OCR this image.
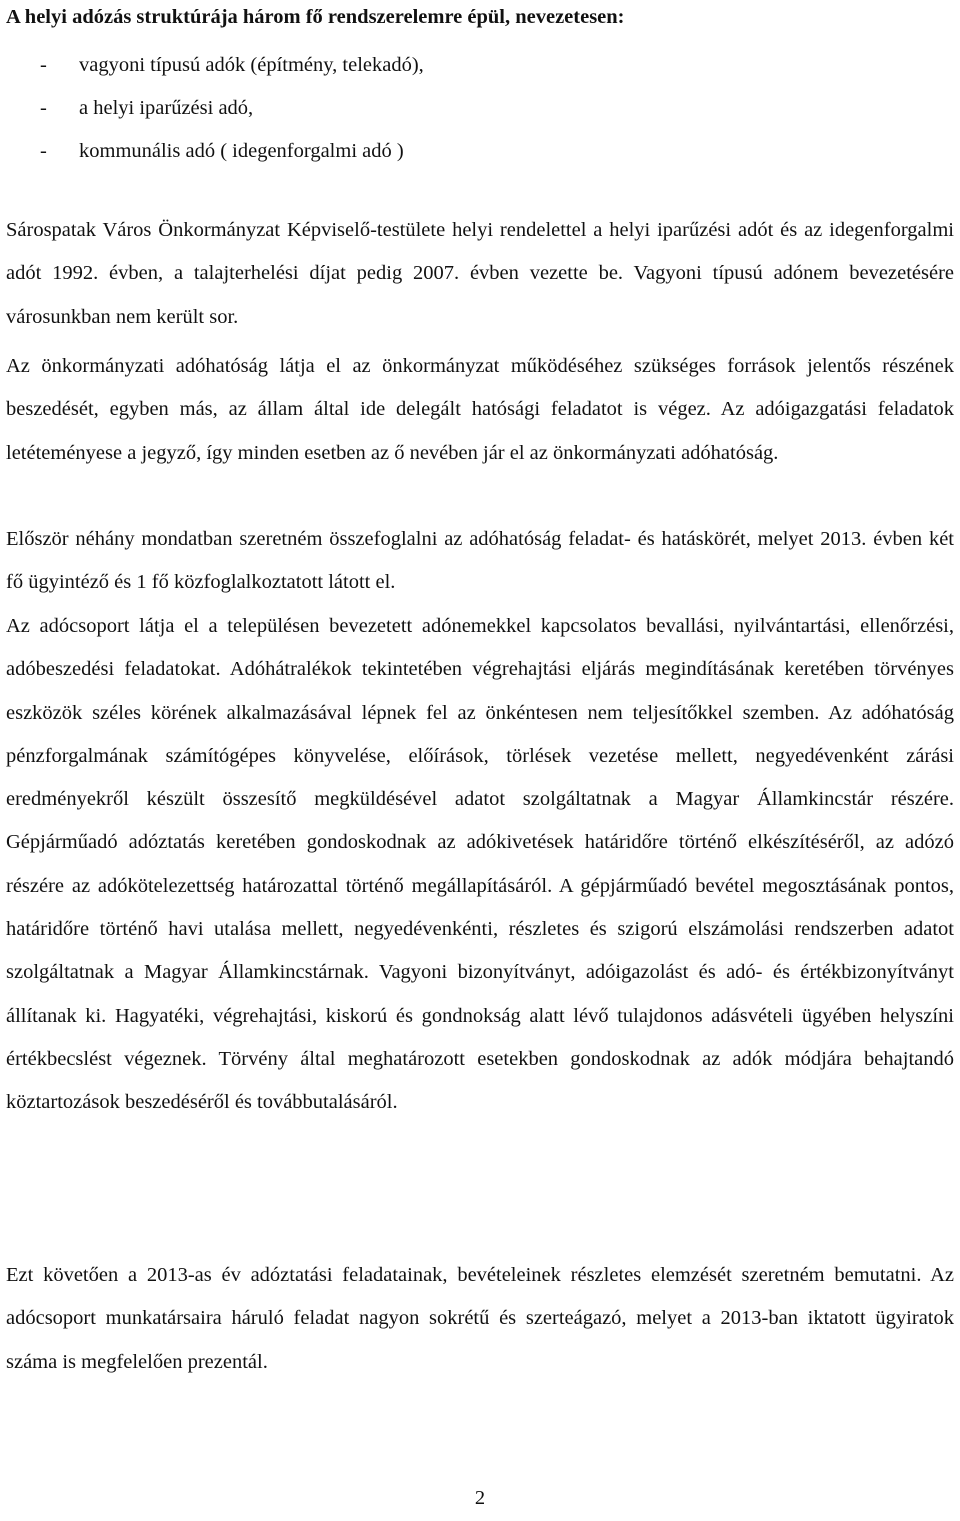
A helyi adózás struktúrája három fő rendszerelemre épül, nevezetesen:
- vagyoni típusú adók (építmény, telekadó),
- a helyi iparűzési adó,
- kommunális adó ( idegenforgalmi adó )

Sárospatak Város Önkormányzat Képviselő-testülete helyi rendelettel a helyi iparűzési adót és az idegenforgalmi adót 1992. évben, a talajterhelési díjat pedig 2007. évben vezette be. Vagyoni típusú adónem bevezetésére városunkban nem került sor.

Az önkormányzati adóhatóság látja el az önkormányzat működéséhez szükséges források jelentős részének beszedését, egyben más, az állam által ide delegált hatósági feladatot is végez. Az adóigazgatási feladatok letéteményese a jegyző, így minden esetben az ő nevében jár el az önkormányzati adóhatóság.

Először néhány mondatban szeretném összefoglalni az adóhatóság feladat- és hatáskörét, melyet 2013. évben két fő ügyintéző és 1 fő közfoglalkoztatott látott el.

Az adócsoport látja el a településen bevezetett adónemekkel kapcsolatos bevallási, nyilvántartási, ellenőrzési, adóbeszedési feladatokat. Adóhátralékok tekintetében végrehajtási eljárás megindításának keretében törvényes eszközök széles körének alkalmazásával lépnek fel az önkéntesen nem teljesítőkkel szemben. Az adóhatóság pénzforgalmának számítógépes könyvelése, előírások, törlések vezetése mellett, negyedévenként zárási eredményekről készült összesítő megküldésével adatot szolgáltatnak a Magyar Államkincstár részére. Gépjárműadó adóztatás keretében gondoskodnak az adókivetések határidőre történő elkészítéséről, az adózó részére az adókötelezettség határozattal történő megállapításáról. A gépjárműadó bevétel megosztásának pontos, határidőre történő havi utalása mellett, negyedévenkénti, részletes és szigorú elszámolási rendszerben adatot szolgáltatnak a Magyar Államkincstárnak. Vagyoni bizonyítványt, adóigazolást és adó- és értékbizonyítványt állítanak ki. Hagyatéki, végrehajtási, kiskorú és gondnokság alatt lévő tulajdonos adásvételi ügyében helyszíni értékbecslést végeznek. Törvény által meghatározott esetekben gondoskodnak az adók módjára behajtandó köztartozások beszedéséről és továbbutalásáról.

Ezt követően a 2013-as év adóztatási feladatainak, bevételeinek részletes elemzését szeretném bemutatni. Az adócsoport munkatársaira háruló feladat nagyon sokrétű és szerteágazó, melyet a 2013-ban iktatott ügyiratok száma is megfelelően prezentál.

2
